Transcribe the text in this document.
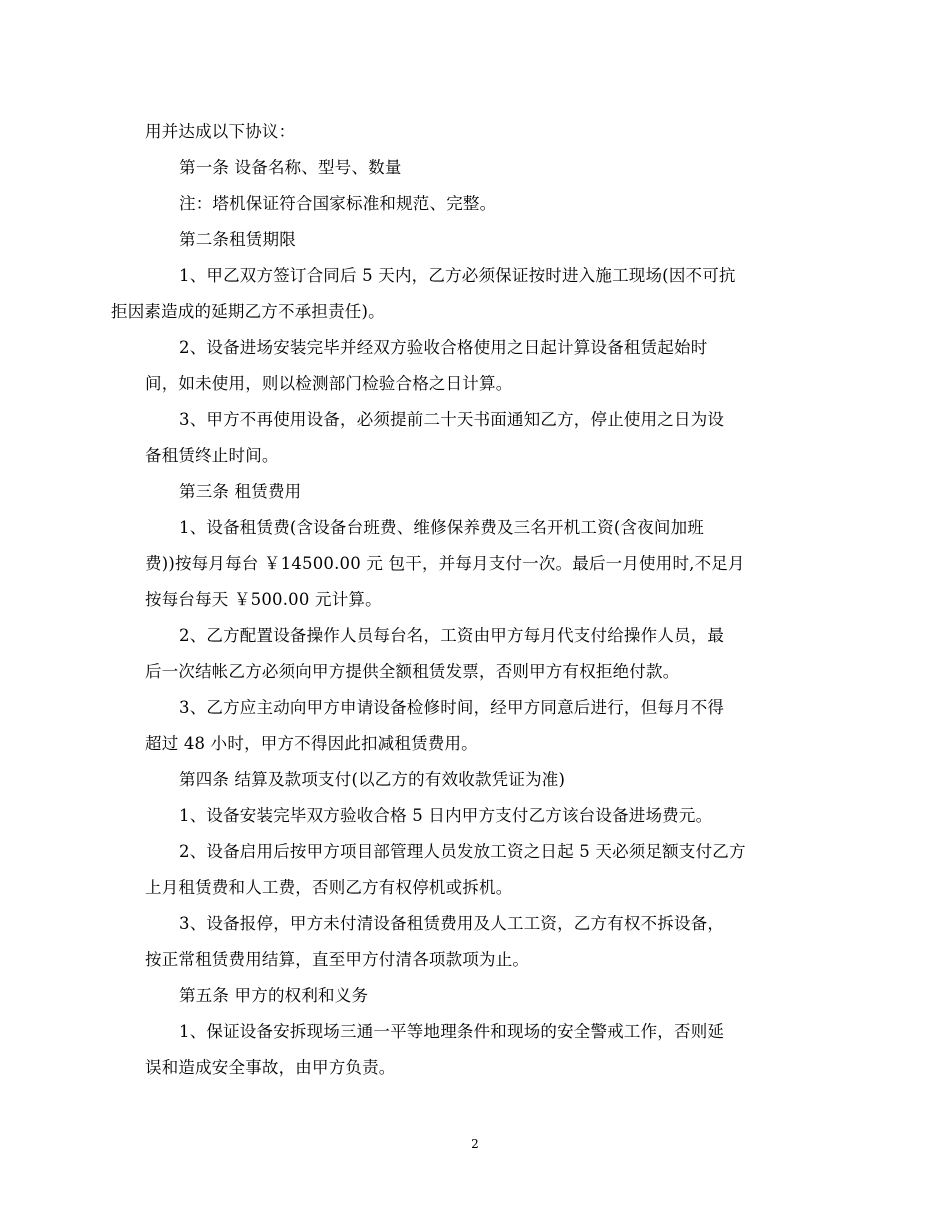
用并达成以下协议：

第一条 设备名称、型号、数量

注：塔机保证符合国家标准和规范、完整。

第二条租赁期限

1、甲乙双方签订合同后 5 天内，乙方必须保证按时进入施工现场(因不可抗
拒因素造成的延期乙方不承担责任)。

2、设备进场安装完毕并经双方验收合格使用之日起计算设备租赁起始时
间，如未使用，则以检测部门检验合格之日计算。

3、甲方不再使用设备，必须提前二十天书面通知乙方，停止使用之日为设
备租赁终止时间。

第三条 租赁费用

1、设备租赁费(含设备台班费、维修保养费及三名开机工资(含夜间加班
费))按每月每台 ￥14500.00 元 包干，并每月支付一次。最后一月使用时,不足月
按每台每天 ￥500.00 元计算。

2、乙方配置设备操作人员每台名，工资由甲方每月代支付给操作人员，最
后一次结帐乙方必须向甲方提供全额租赁发票，否则甲方有权拒绝付款。

3、乙方应主动向甲方申请设备检修时间，经甲方同意后进行，但每月不得
超过 48 小时，甲方不得因此扣减租赁费用。

第四条 结算及款项支付(以乙方的有效收款凭证为准)

1、设备安装完毕双方验收合格 5 日内甲方支付乙方该台设备进场费元。

2、设备启用后按甲方项目部管理人员发放工资之日起 5 天必须足额支付乙方
上月租赁费和人工费，否则乙方有权停机或拆机。

3、设备报停，甲方未付清设备租赁费用及人工工资，乙方有权不拆设备，
按正常租赁费用结算，直至甲方付清各项款项为止。

第五条 甲方的权利和义务

1、保证设备安拆现场三通一平等地理条件和现场的安全警戒工作，否则延
误和造成安全事故，由甲方负责。

2
